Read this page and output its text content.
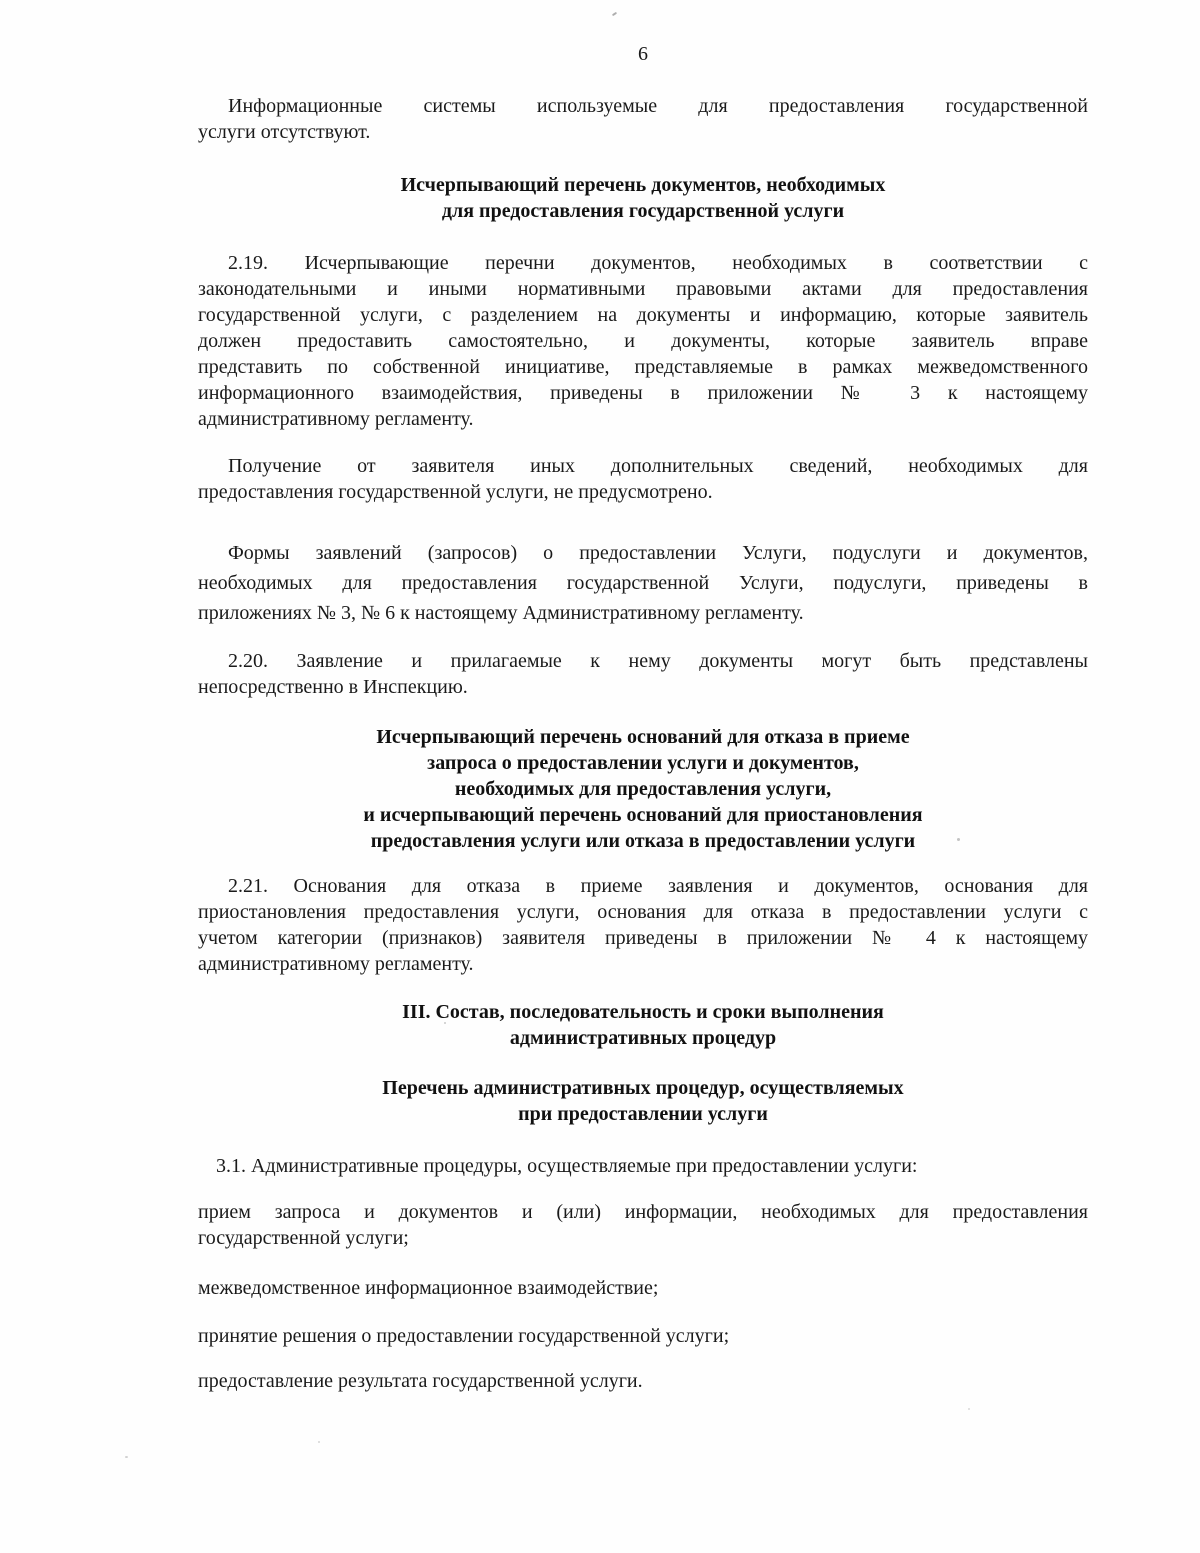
6
Информационные системы используемые для предоставления государственной
услуги отсутствуют.
Исчерпывающий перечень документов, необходимых
для предоставления государственной услуги
2.19. Исчерпывающие перечни документов, необходимых в соответствии с
законодательными и иными нормативными правовыми актами для предоставления
государственной услуги, с разделением на документы и информацию, которые заявитель
должен предоставить самостоятельно, и документы, которые заявитель вправе
представить по собственной инициативе, представляемые в рамках межведомственного
информационного взаимодействия, приведены в приложении № 3 к настоящему
административному регламенту.
Получение от заявителя иных дополнительных сведений, необходимых для
предоставления государственной услуги, не предусмотрено.
Формы заявлений (запросов) о предоставлении Услуги, подуслуги и документов,
необходимых для предоставления государственной Услуги, подуслуги, приведены в
приложениях № 3, № 6 к настоящему Административному регламенту.
2.20. Заявление и прилагаемые к нему документы могут быть представлены
непосредственно в Инспекцию.
Исчерпывающий перечень оснований для отказа в приеме
запроса о предоставлении услуги и документов,
необходимых для предоставления услуги,
и исчерпывающий перечень оснований для приостановления
предоставления услуги или отказа в предоставлении услуги
2.21. Основания для отказа в приеме заявления и документов, основания для
приостановления предоставления услуги, основания для отказа в предоставлении услуги с
учетом категории (признаков) заявителя приведены в приложении № 4 к настоящему
административному регламенту.
III. Состав, последовательность и сроки выполнения
административных процедур
Перечень административных процедур, осуществляемых
при предоставлении услуги
3.1. Административные процедуры, осуществляемые при предоставлении услуги:
прием запроса и документов и (или) информации, необходимых для предоставления
государственной услуги;
межведомственное информационное взаимодействие;
принятие решения о предоставлении государственной услуги;
предоставление результата государственной услуги.
